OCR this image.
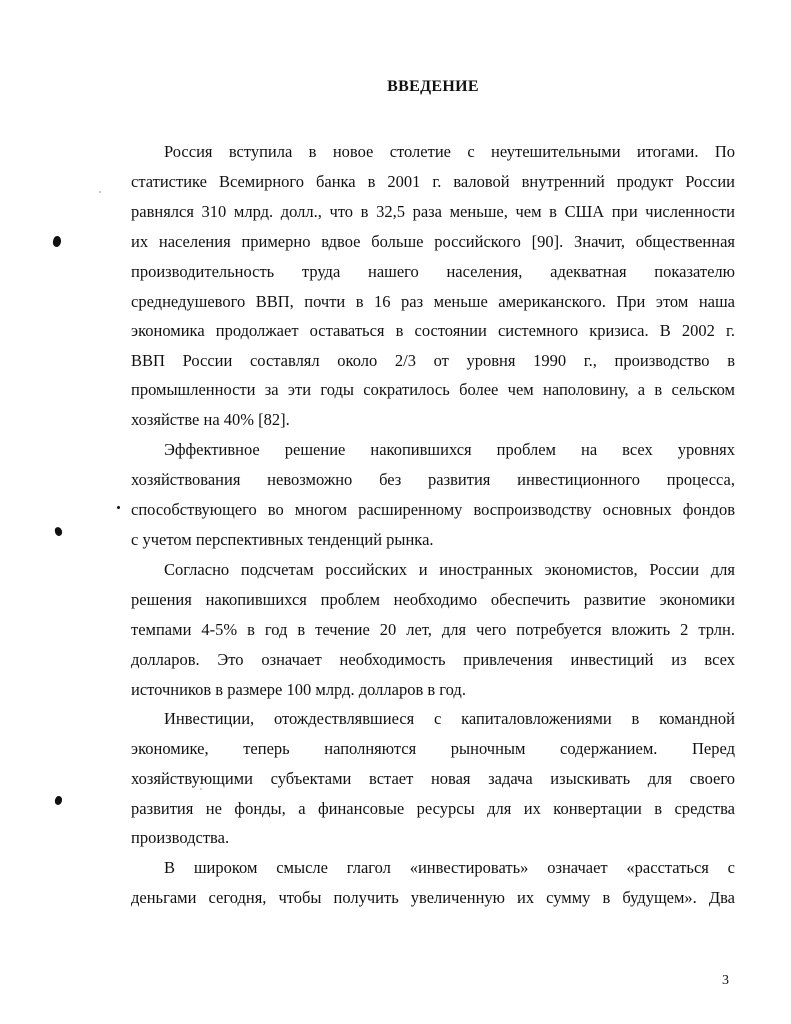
ВВЕДЕНИЕ
Россия вступила в новое столетие с неутешительными итогами. По
статистике Всемирного банка в 2001 г. валовой внутренний продукт России
равнялся 310 млрд. долл., что в 32,5 раза меньше, чем в США при численности
их населения примерно вдвое больше российского [90]. Значит, общественная
производительность труда нашего населения, адекватная показателю
среднедушевого ВВП, почти в 16 раз меньше американского. При этом наша
экономика продолжает оставаться в состоянии системного кризиса. В 2002 г.
ВВП России составлял около 2/3 от уровня 1990 г., производство в
промышленности за эти годы сократилось более чем наполовину, а в сельском
хозяйстве на 40% [82].
Эффективное решение накопившихся проблем на всех уровнях
хозяйствования невозможно без развития инвестиционного процесса,
способствующего во многом расширенному воспроизводству основных фондов
с учетом перспективных тенденций рынка.
Согласно подсчетам российских и иностранных экономистов, России для
решения накопившихся проблем необходимо обеспечить развитие экономики
темпами 4-5% в год в течение 20 лет, для чего потребуется вложить 2 трлн.
долларов. Это означает необходимость привлечения инвестиций из всех
источников в размере 100 млрд. долларов в год.
Инвестиции, отождествлявшиеся с капиталовложениями в командной
экономике, теперь наполняются рыночным содержанием. Перед
хозяйствующими субъектами встает новая задача изыскивать для своего
развития не фонды, а финансовые ресурсы для их конвертации в средства
производства.
В широком смысле глагол «инвестировать» означает «расстаться с
деньгами сегодня, чтобы получить увеличенную их сумму в будущем». Два
3
